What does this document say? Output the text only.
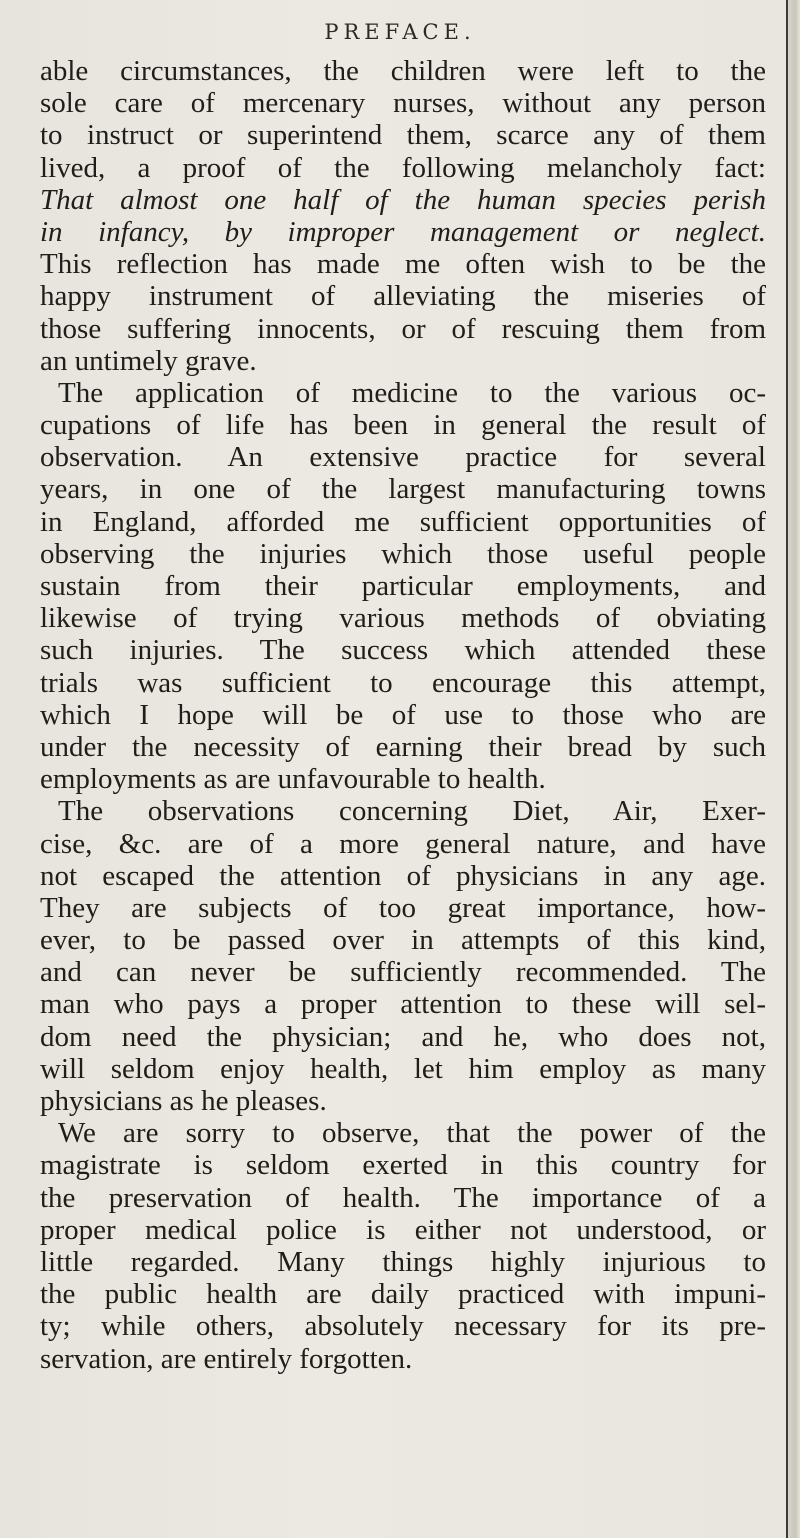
PREFACE.
able circumstances, the children were left to the
sole care of mercenary nurses, without any person
to instruct or superintend them, scarce any of them
lived, a proof of the following melancholy fact:
That almost one half of the human species perish
in infancy, by improper management or neglect.
This reflection has made me often wish to be the
happy instrument of alleviating the miseries of
those suffering innocents, or of rescuing them from
an untimely grave.
The application of medicine to the various oc-
cupations of life has been in general the result of
observation. An extensive practice for several
years, in one of the largest manufacturing towns
in England, afforded me sufficient opportunities of
observing the injuries which those useful people
sustain from their particular employments, and
likewise of trying various methods of obviating
such injuries. The success which attended these
trials was sufficient to encourage this attempt,
which I hope will be of use to those who are
under the necessity of earning their bread by such
employments as are unfavourable to health.
The observations concerning Diet, Air, Exer-
cise, &c. are of a more general nature, and have
not escaped the attention of physicians in any age.
They are subjects of too great importance, how-
ever, to be passed over in attempts of this kind,
and can never be sufficiently recommended. The
man who pays a proper attention to these will sel-
dom need the physician; and he, who does not,
will seldom enjoy health, let him employ as many
physicians as he pleases.
We are sorry to observe, that the power of the
magistrate is seldom exerted in this country for
the preservation of health. The importance of a
proper medical police is either not understood, or
little regarded. Many things highly injurious to
the public health are daily practiced with impuni-
ty; while others, absolutely necessary for its pre-
servation, are entirely forgotten.
